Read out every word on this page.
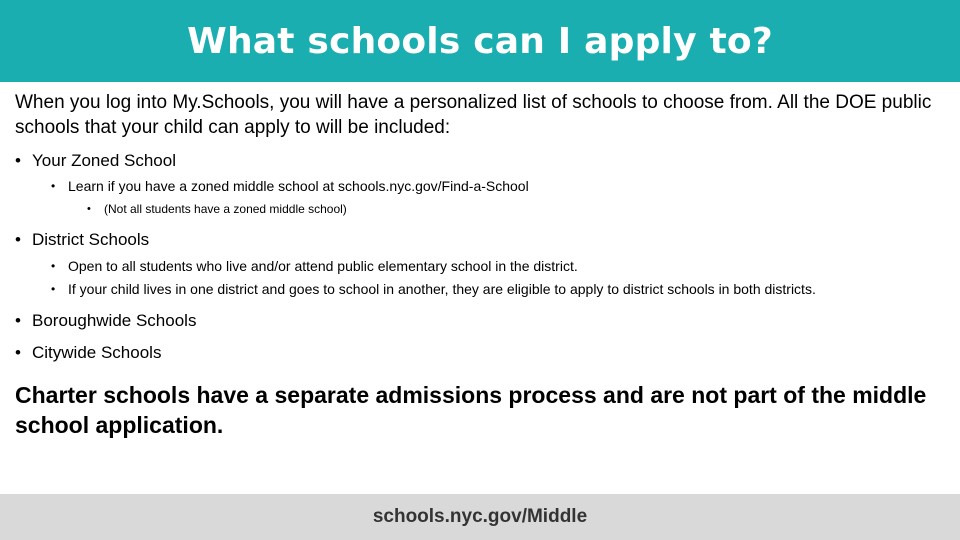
What schools can I apply to?

When you log into My.Schools, you will have a personalized list of schools to choose from. All the DOE public schools that your child can apply to will be included:

• Your Zoned School
• Learn if you have a zoned middle school at schools.nyc.gov/Find-a-School
• (Not all students have a zoned middle school)
• District Schools
• Open to all students who live and/or attend public elementary school in the district.
• If your child lives in one district and goes to school in another, they are eligible to apply to district schools in both districts.
• Boroughwide Schools
• Citywide Schools

Charter schools have a separate admissions process and are not part of the middle school application.

schools.nyc.gov/Middle
